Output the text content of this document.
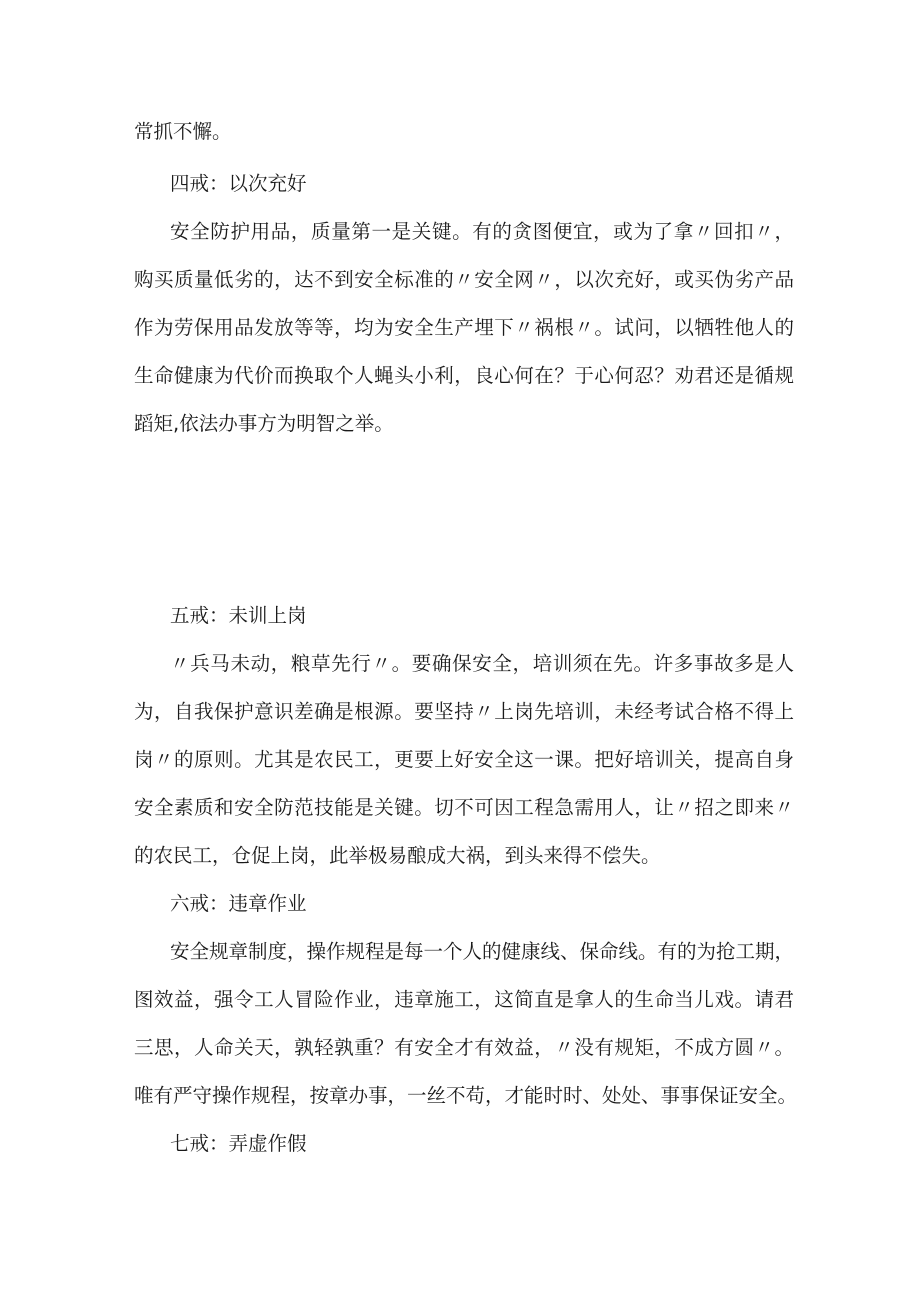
常抓不懈。
四戒：以次充好
安全防护用品，质量第一是关键。有的贪图便宜，或为了拿〃回扣〃，
购买质量低劣的，达不到安全标准的〃安全网〃，以次充好，或买伪劣产品
作为劳保用品发放等等，均为安全生产埋下〃祸根〃。试问，以牺牲他人的
生命健康为代价而换取个人蝇头小利，良心何在？于心何忍？劝君还是循规
蹈矩,依法办事方为明智之举。
五戒：未训上岗
〃兵马未动，粮草先行〃。要确保安全，培训须在先。许多事故多是人
为，自我保护意识差确是根源。要坚持〃上岗先培训，未经考试合格不得上
岗〃的原则。尤其是农民工，更要上好安全这一课。把好培训关，提高自身
安全素质和安全防范技能是关键。切不可因工程急需用人，让〃招之即来〃
的农民工，仓促上岗，此举极易酿成大祸，到头来得不偿失。
六戒：违章作业
安全规章制度，操作规程是每一个人的健康线、保命线。有的为抢工期，
图效益，强令工人冒险作业，违章施工，这简直是拿人的生命当儿戏。请君
三思，人命关天，孰轻孰重？有安全才有效益，〃没有规矩，不成方圆〃。
唯有严守操作规程，按章办事，一丝不苟，才能时时、处处、事事保证安全。
七戒：弄虚作假
